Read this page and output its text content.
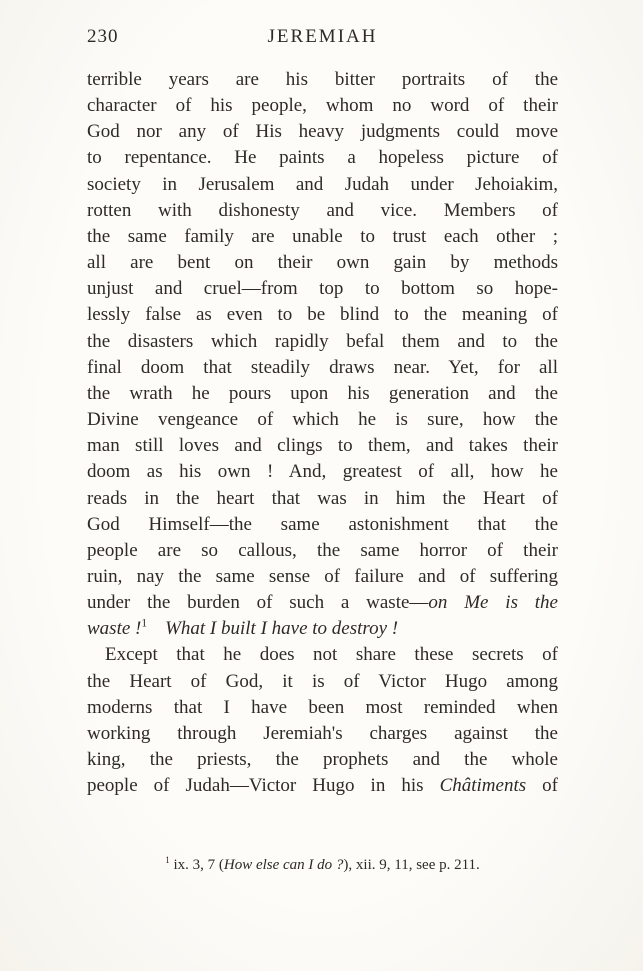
230	JEREMIAH
terrible years are his bitter portraits of the
character of his people, whom no word of their
God nor any of His heavy judgments could move
to repentance. He paints a hopeless picture of
society in Jerusalem and Judah under Jehoiakim,
rotten with dishonesty and vice. Members of
the same family are unable to trust each other ;
all are bent on their own gain by methods
unjust and cruel—from top to bottom so hope-
lessly false as even to be blind to the meaning of
the disasters which rapidly befal them and to the
final doom that steadily draws near. Yet, for all
the wrath he pours upon his generation and the
Divine vengeance of which he is sure, how the
man still loves and clings to them, and takes their
doom as his own ! And, greatest of all, how he
reads in the heart that was in him the Heart of
God Himself—the same astonishment that the
people are so callous, the same horror of their
ruin, nay the same sense of failure and of suffering
under the burden of such a waste—on Me is the
waste !$^1$ What I built I have to destroy !
Except that he does not share these secrets of
the Heart of God, it is of Victor Hugo among
moderns that I have been most reminded when
working through Jeremiah's charges against the
king, the priests, the prophets and the whole
people of Judah—Victor Hugo in his Châtiments of
$^1$ ix. 3, 7 (How else can I do ?), xii. 9, 11, see p. 211.
